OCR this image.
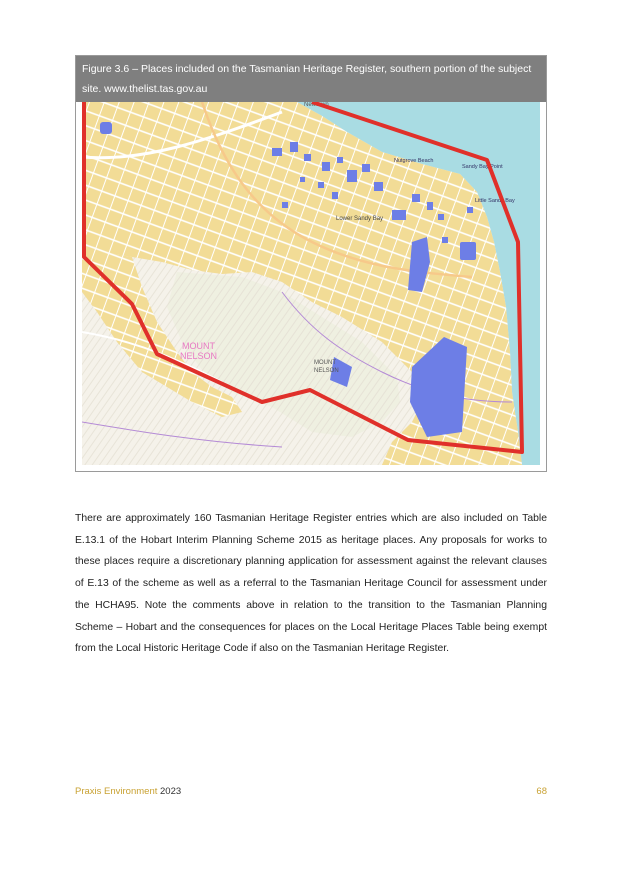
Figure 3.6 – Places included on the Tasmanian Heritage Register, southern portion of the subject
site. www.thelist.tas.gov.au
Newtown
Nutgrove Beach
Sandy Bay Point
Little Sandy Bay
Lower Sandy Bay
MOUNT
NELSON
MOUNT
NELSON
There are approximately 160 Tasmanian Heritage Register entries which are also included on Table E.13.1 of the Hobart Interim Planning Scheme 2015 as heritage places. Any proposals for works to these places require a discretionary planning application for assessment against the relevant clauses of E.13 of the scheme as well as a referral to the Tasmanian Heritage Council for assessment under the HCHA95. Note the comments above in relation to the transition to the Tasmanian Planning Scheme – Hobart and the consequences for places on the Local Heritage Places Table being exempt from the Local Historic Heritage Code if also on the Tasmanian Heritage Register.
Praxis Environment 2023	68
